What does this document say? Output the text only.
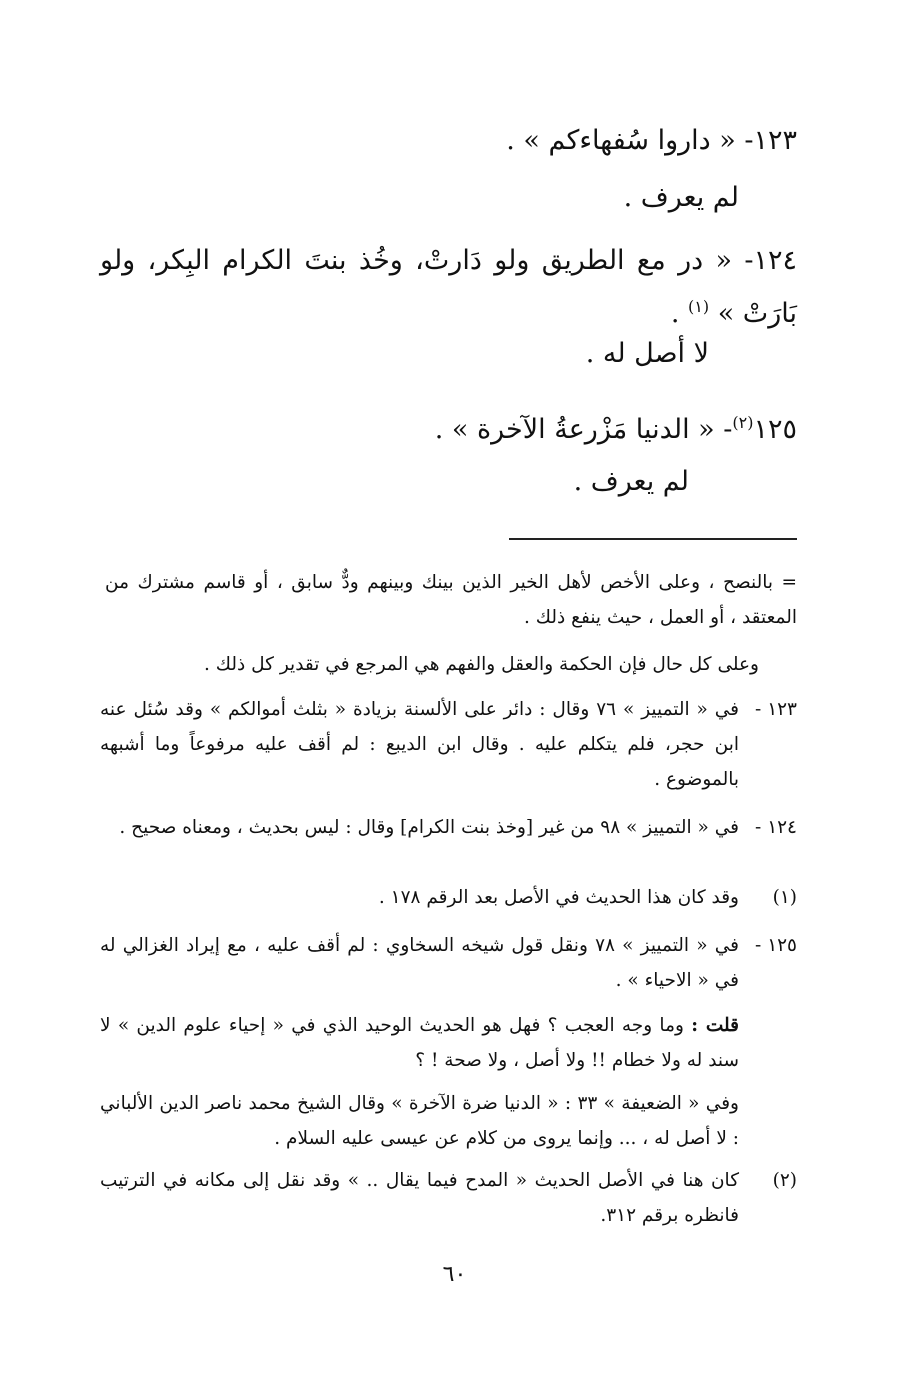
١٢٣- « داروا سُفهاءكم » .

لم يعرف .

١٢٤- « در مع الطريق ولو دَارتْ، وخُذ بنتَ الكرام البِكر، ولو بَارَتْ » $^{(١)}$ .

لا أصل له .

١٢٥$^{(٢)}$- « الدنيا مَزْرعةُ الآخرة » .

لم يعرف .

= بالنصح ، وعلى الأخص لأهل الخير الذين بينك وبينهم ودٌّ سابق ، أو قاسم مشترك من المعتقد ، أو العمل ، حيث ينفع ذلك .

وعلى كل حال فإن الحكمة والعقل والفهم هي المرجع في تقدير كل ذلك .

١٢٣ -
في « التمييز » ٧٦ وقال : دائر على الألسنة بزيادة « بثلث أموالكم » وقد سُئل عنه ابن حجر، فلم يتكلم عليه . وقال ابن الديبع : لم أقف عليه مرفوعاً وما أشبهه بالموضوع .
١٢٤ -
في « التمييز » ٩٨ من غير [وخذ بنت الكرام] وقال : ليس بحديث ، ومعناه صحيح .
(١)
وقد كان هذا الحديث في الأصل بعد الرقم ١٧٨ .
١٢٥ -
في « التمييز » ٧٨ ونقل قول شيخه السخاوي : لم أقف عليه ، مع إيراد الغزالي له في « الاحياء » .

قلت : وما وجه العجب ؟ فهل هو الحديث الوحيد الذي في « إحياء علوم الدين » لا سند له ولا خطام !! ولا أصل ، ولا صحة ! ؟

وفي « الضعيفة » ٣٣ : « الدنيا ضرة الآخرة » وقال الشيخ محمد ناصر الدين الألباني : لا أصل له ، ... وإنما يروى من كلام عن عيسى عليه السلام .

(٢)
كان هنا في الأصل الحديث « المدح فيما يقال .. » وقد نقل إلى مكانه في الترتيب فانظره برقم ٣١٢.

٦٠
